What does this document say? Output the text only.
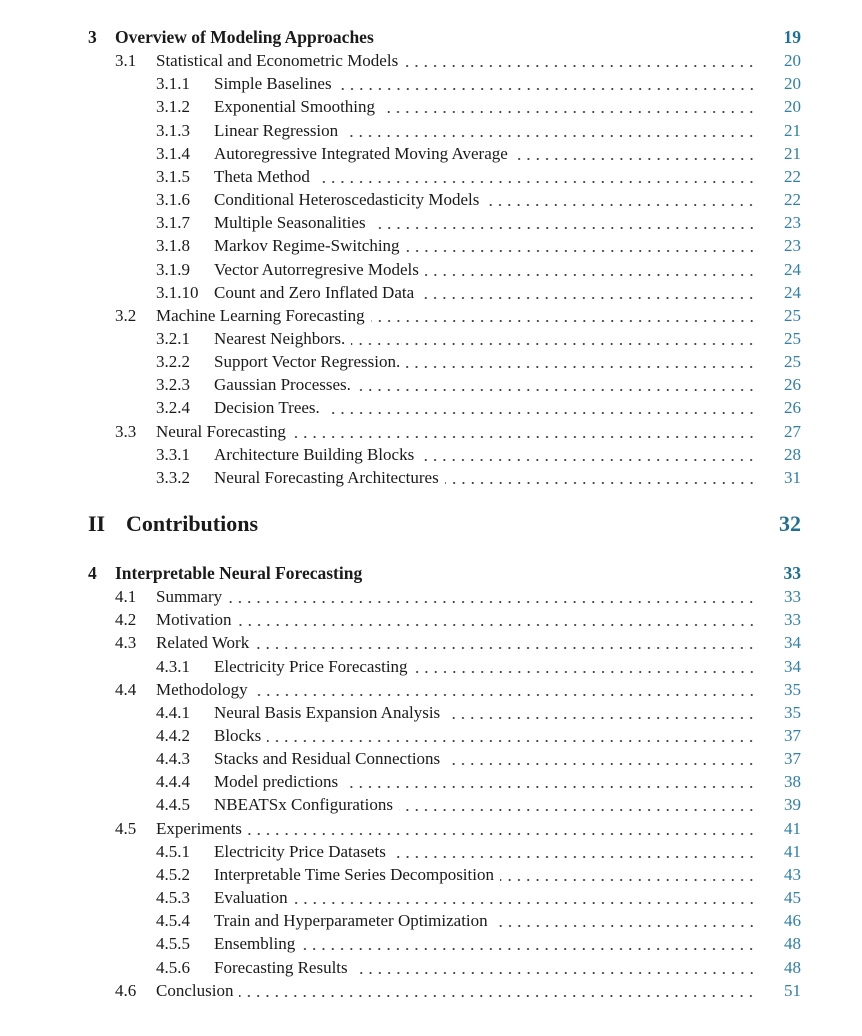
3	Overview of Modeling Approaches	19
3.1	Statistical and Econometric Models	20
3.1.1	Simple Baselines	20
3.1.2	Exponential Smoothing	20
3.1.3	Linear Regression	21
3.1.4	Autoregressive Integrated Moving Average	21
3.1.5	Theta Method	22
3.1.6	Conditional Heteroscedasticity Models	22
3.1.7	Multiple Seasonalities	23
3.1.8	Markov Regime-Switching	23
3.1.9	Vector Autorregresive Models	24
3.1.10 Count and Zero Inflated Data	24
3.2	Machine Learning Forecasting	25
3.2.1	Nearest Neighbors.	25
3.2.2	Support Vector Regression.	25
3.2.3	Gaussian Processes.	26
3.2.4	Decision Trees.	26
3.3	Neural Forecasting	27
3.3.1	Architecture Building Blocks	28
3.3.2	Neural Forecasting Architectures	31
II Contributions	32
4	Interpretable Neural Forecasting	33
4.1	Summary	33
4.2	Motivation	33
4.3	Related Work	34
4.3.1	Electricity Price Forecasting	34
4.4	Methodology	35
4.4.1	Neural Basis Expansion Analysis	35
4.4.2	Blocks	37
4.4.3	Stacks and Residual Connections	37
4.4.4	Model predictions	38
4.4.5	NBEATSx Configurations	39
4.5	Experiments	41
4.5.1	Electricity Price Datasets	41
4.5.2	Interpretable Time Series Decomposition	43
4.5.3	Evaluation	45
4.5.4	Train and Hyperparameter Optimization	46
4.5.5	Ensembling	48
4.5.6	Forecasting Results	48
4.6	Conclusion	51
